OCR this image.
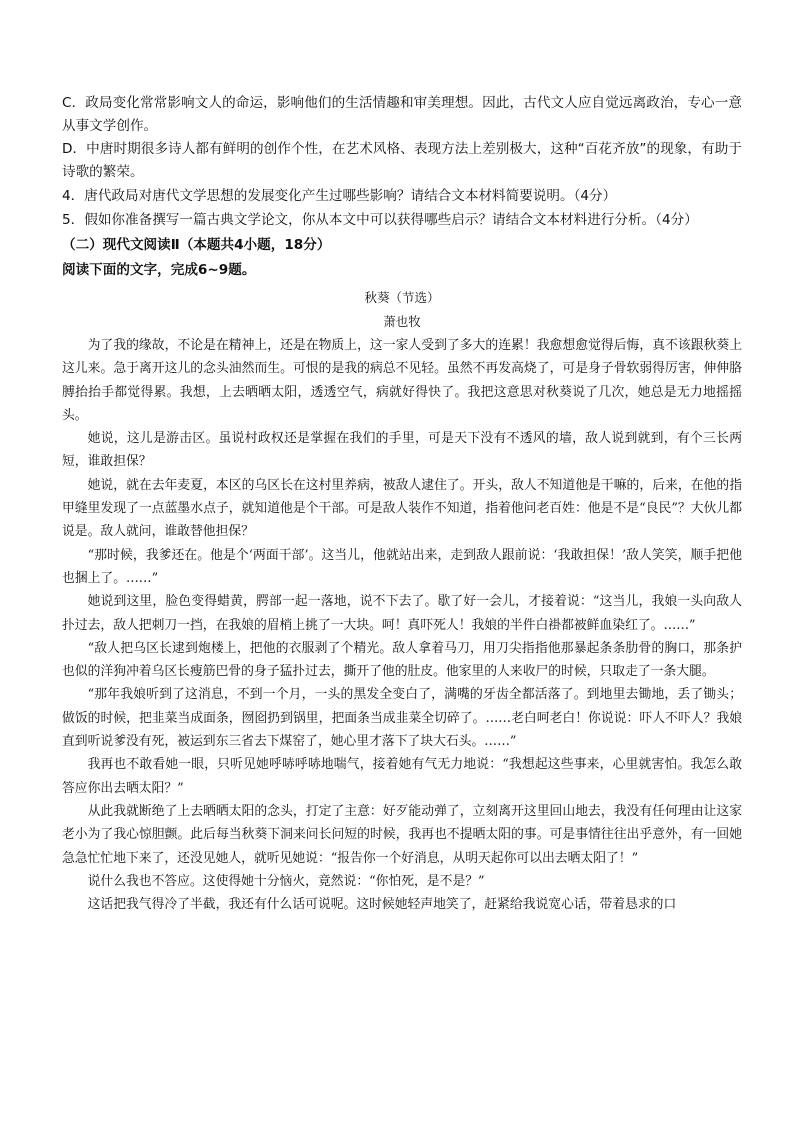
C．政局变化常常影响文人的命运，影响他们的生活情趣和审美理想。因此，古代文人应自觉远离政治，专心一意从事文学创作。

D．中唐时期很多诗人都有鲜明的创作个性，在艺术风格、表现方法上差别极大，这种“百花齐放”的现象，有助于诗歌的繁荣。

4．唐代政局对唐代文学思想的发展变化产生过哪些影响？请结合文本材料简要说明。（4分）

5．假如你准备撰写一篇古典文学论文，你从本文中可以获得哪些启示？请结合文本材料进行分析。（4分）

（二）现代文阅读Ⅱ（本题共4小题，18分）

阅读下面的文字，完成6~9题。

秋葵（节选）

萧也牧

为了我的缘故，不论是在精神上，还是在物质上，这一家人受到了多大的连累！我愈想愈觉得后悔，真不该跟秋葵上这儿来。急于离开这儿的念头油然而生。可恨的是我的病总不见轻。虽然不再发高烧了，可是身子骨软弱得厉害，伸伸胳膊抬抬手都觉得累。我想，上去晒晒太阳，透透空气，病就好得快了。我把这意思对秋葵说了几次，她总是无力地摇摇头。

她说，这儿是游击区。虽说村政权还是掌握在我们的手里，可是天下没有不透风的墙，敌人说到就到，有个三长两短，谁敢担保？

她说，就在去年麦夏，本区的乌区长在这村里养病，被敌人逮住了。开头，敌人不知道他是干嘛的，后来，在他的指甲缝里发现了一点蓝墨水点子，就知道他是个干部。可是敌人装作不知道，指着他问老百姓：他是不是“良民”？大伙儿都说是。敌人就问，谁敢替他担保？

“那时候，我爹还在。他是个‘两面干部’。这当儿，他就站出来，走到敌人跟前说：‘我敢担保！’敌人笑笑，顺手把他也捆上了。……”

她说到这里，脸色变得蜡黄，腭部一起一落地，说不下去了。歇了好一会儿，才接着说：“这当儿，我娘一头向敌人扑过去，敌人把刺刀一挡，在我娘的眉梢上挑了一大块。呵！真吓死人！我娘的半件白褂都被鲜血染红了。……”

“敌人把乌区长逮到炮楼上，把他的衣服剥了个精光。敌人拿着马刀，用刀尖指指他那暴起条条肋骨的胸口，那条护也似的洋狗冲着乌区长瘦筋巴骨的身子猛扑过去，撕开了他的肚皮。他家里的人来收尸的时候，只取走了一条大腿。

“那年我娘听到了这消息，不到一个月，一头的黑发全变白了，满嘴的牙齿全都活落了。到地里去锄地，丢了锄头；做饭的时候，把韭菜当成面条，囫囵扔到锅里，把面条当成韭菜全切碎了。……老白呵老白！你说说：吓人不吓人？我娘直到听说爹没有死，被运到东三省去下煤窑了，她心里才落下了块大石头。……”

我再也不敢看她一眼，只听见她呼哧呼哧地喘气，接着她有气无力地说：“我想起这些事来，心里就害怕。我怎么敢答应你出去晒太阳？”

从此我就断绝了上去晒晒太阳的念头，打定了主意：好歹能动弹了，立刻离开这里回山地去，我没有任何理由让这家老小为了我心惊胆颤。此后每当秋葵下洞来问长问短的时候，我再也不提晒太阳的事。可是事情往往出乎意外，有一回她急急忙忙地下来了，还没见她人，就听见她说：“报告你一个好消息，从明天起你可以出去晒太阳了！”

说什么我也不答应。这使得她十分恼火，竟然说：“你怕死，是不是？”

这话把我气得冷了半截，我还有什么话可说呢。这时候她轻声地笑了，赶紧给我说宽心话，带着恳求的口
